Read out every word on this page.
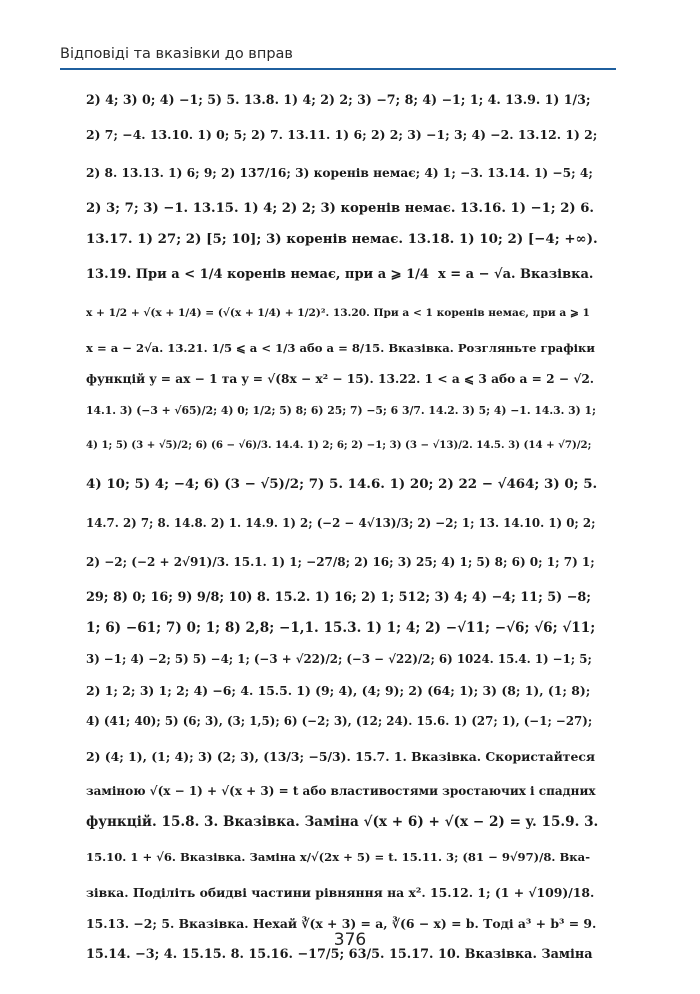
Відповіді та вказівки до вправ
2) 4; 3) 0; 4) −1; 5) 5. 13.8. 1) 4; 2) 2; 3) −7; 8; 4) −1; 1; 4. 13.9. 1) 1/3;
2) 7; −4. 13.10. 1) 0; 5; 2) 7. 13.11. 1) 6; 2) 2; 3) −1; 3; 4) −2. 13.12. 1) 2;
2) 8. 13.13. 1) 6; 9; 2) 137/16; 3) коренів немає; 4) 1; −3. 13.14. 1) −5; 4;
2) 3; 7; 3) −1. 13.15. 1) 4; 2) 2; 3) коренів немає. 13.16. 1) −1; 2) 6.
13.17. 1) 27; 2) [5; 10]; 3) коренів немає. 13.18. 1) 10; 2) [−4; +∞).
13.19. При a < 1/4 коренів немає, при a ⩾ 1/4  x = a − √a. Вказівка.
x + 1/2 + √(x + 1/4) = (√(x + 1/4) + 1/2)². 13.20. При a < 1 коренів немає, при a ⩾ 1
x = a − 2√a. 13.21. 1/5 ⩽ a < 1/3 або a = 8/15. Вказівка. Розгляньте графіки
функцій y = ax − 1 та y = √(8x − x² − 15). 13.22. 1 < a ⩽ 3 або a = 2 − √2.
14.1. 3) (−3 + √65)/2; 4) 0; 1/2; 5) 8; 6) 25; 7) −5; 6 3/7. 14.2. 3) 5; 4) −1. 14.3. 3) 1;
4) 1; 5) (3 + √5)/2; 6) (6 − √6)/3. 14.4. 1) 2; 6; 2) −1; 3) (3 − √13)/2. 14.5. 3) (14 + √7)/2;
4) 10; 5) 4; −4; 6) (3 − √5)/2; 7) 5. 14.6. 1) 20; 2) 22 − √464; 3) 0; 5.
14.7. 2) 7; 8. 14.8. 2) 1. 14.9. 1) 2; (−2 − 4√13)/3; 2) −2; 1; 13. 14.10. 1) 0; 2;
2) −2; (−2 + 2√91)/3. 15.1. 1) 1; −27/8; 2) 16; 3) 25; 4) 1; 5) 8; 6) 0; 1; 7) 1;
29; 8) 0; 16; 9) 9/8; 10) 8. 15.2. 1) 16; 2) 1; 512; 3) 4; 4) −4; 11; 5) −8;
1; 6) −61; 7) 0; 1; 8) 2,8; −1,1. 15.3. 1) 1; 4; 2) −√11; −√6; √6; √11;
3) −1; 4) −2; 5) 5) −4; 1; (−3 + √22)/2; (−3 − √22)/2; 6) 1024. 15.4. 1) −1; 5;
2) 1; 2; 3) 1; 2; 4) −6; 4. 15.5. 1) (9; 4), (4; 9); 2) (64; 1); 3) (8; 1), (1; 8);
4) (41; 40); 5) (6; 3), (3; 1,5); 6) (−2; 3), (12; 24). 15.6. 1) (27; 1), (−1; −27);
2) (4; 1), (1; 4); 3) (2; 3), (13/3; −5/3). 15.7. 1. Вказівка. Скористайтеся
заміною √(x − 1) + √(x + 3) = t або властивостями зростаючих і спадних
функцій. 15.8. 3. Вказівка. Заміна √(x + 6) + √(x − 2) = y. 15.9. 3.
15.10. 1 + √6. Вказівка. Заміна x/√(2x + 5) = t. 15.11. 3; (81 − 9√97)/8. Вка-
зівка. Поділіть обидві частини рівняння на x². 15.12. 1; (1 + √109)/18.
15.13. −2; 5. Вказівка. Нехай ∛(x + 3) = a, ∛(6 − x) = b. Тоді a³ + b³ = 9.
15.14. −3; 4. 15.15. 8. 15.16. −17/5; 63/5. 15.17. 10. Вказівка. Заміна
376
